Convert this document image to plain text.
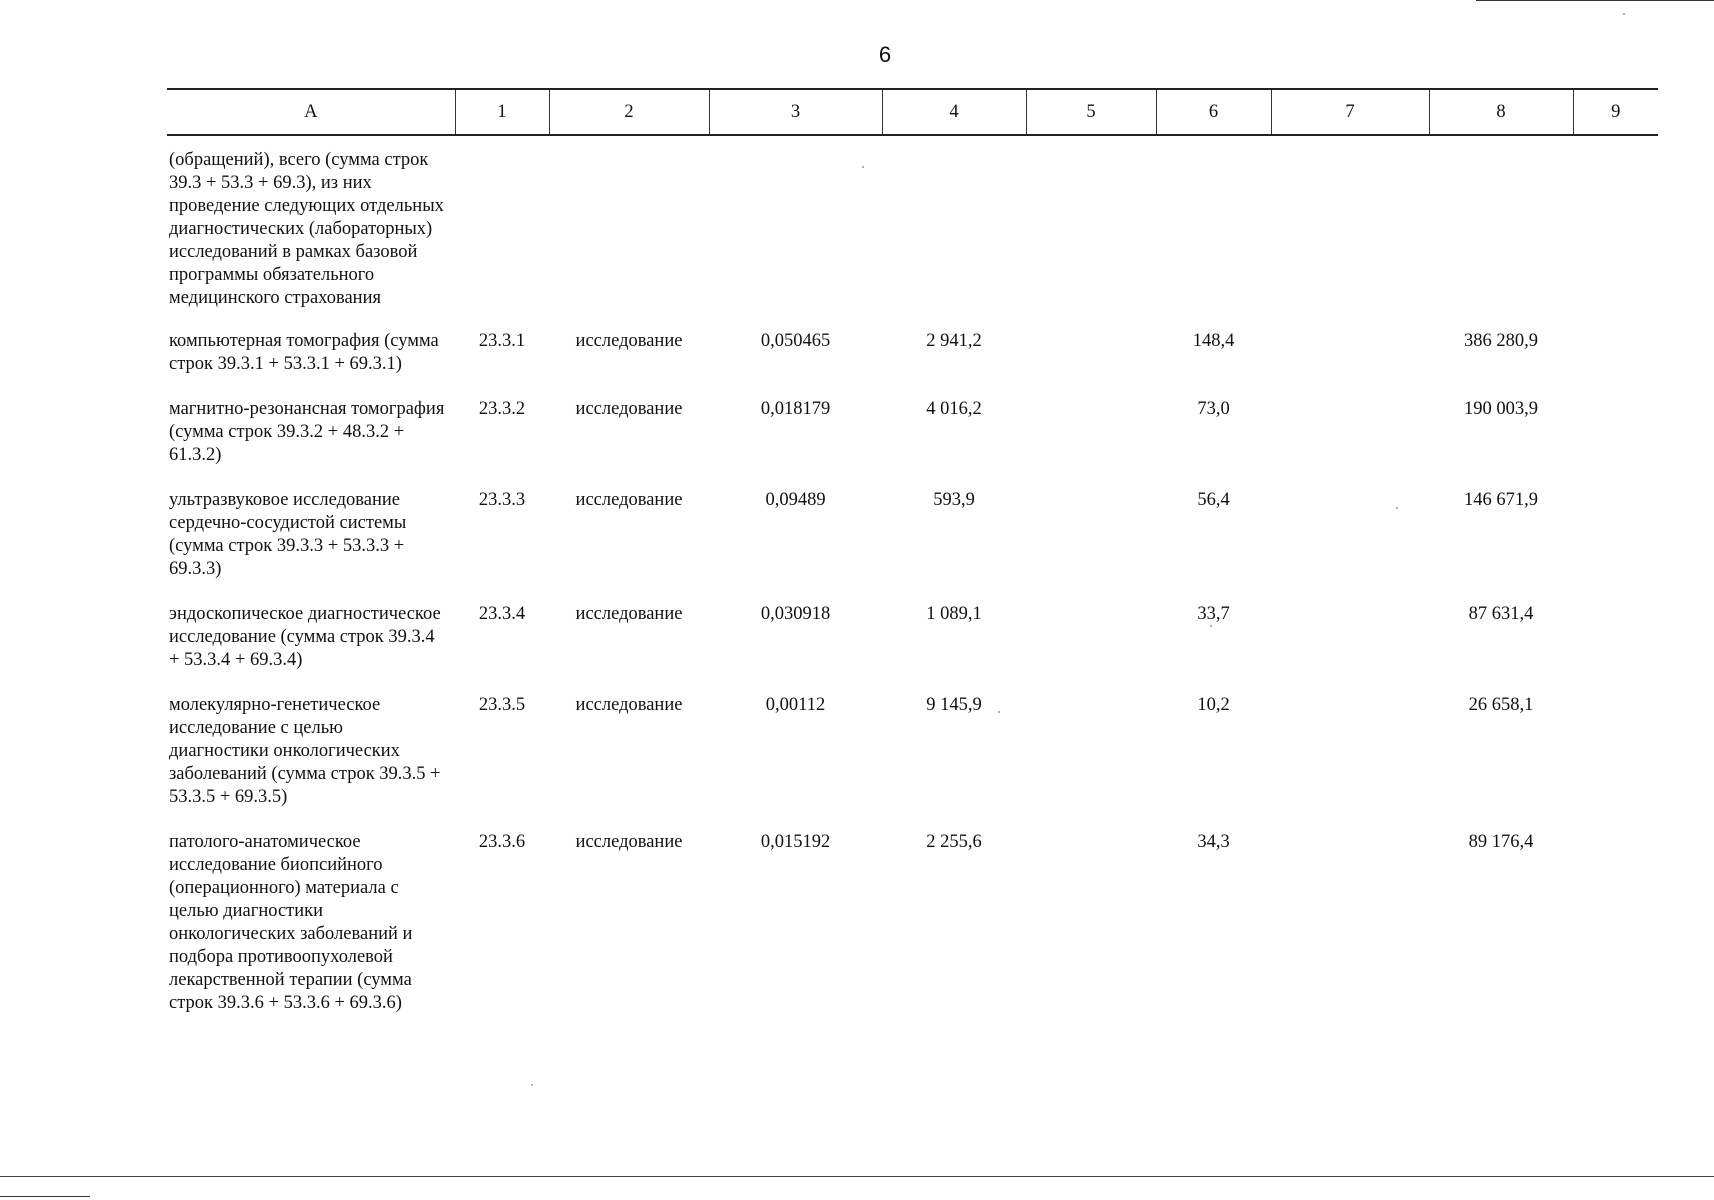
6
А	1	2	3	4	5	6	7	8	9
(обращений), всего (сумма строк 39.3 + 53.3 + 69.3), из них проведение следующих отдельных диагностических (лабораторных) исследований в рамках базовой программы обязательного медицинского страхования									
компьютерная томография (сумма строк 39.3.1 + 53.3.1 + 69.3.1)	23.3.1	исследование	0,050465	2 941,2		148,4		386 280,9	
магнитно-резонансная томография (сумма строк 39.3.2 + 48.3.2 + 61.3.2)	23.3.2	исследование	0,018179	4 016,2		73,0		190 003,9	
ультразвуковое исследование сердечно-сосудистой системы (сумма строк 39.3.3 + 53.3.3 + 69.3.3)	23.3.3	исследование	0,09489	593,9		56,4		146 671,9	
эндоскопическое диагностическое исследование (сумма строк 39.3.4 + 53.3.4 + 69.3.4)	23.3.4	исследование	0,030918	1 089,1		33,7		87 631,4	
молекулярно-генетическое исследование с целью диагностики онкологических заболеваний (сумма строк 39.3.5 + 53.3.5 + 69.3.5)	23.3.5	исследование	0,00112	9 145,9		10,2		26 658,1	
патолого-анатомическое исследование биопсийного (операционного) материала с целью диагностики онкологических заболеваний и подбора противоопухолевой лекарственной терапии (сумма строк 39.3.6 + 53.3.6 + 69.3.6)	23.3.6	исследование	0,015192	2 255,6		34,3		89 176,4	
